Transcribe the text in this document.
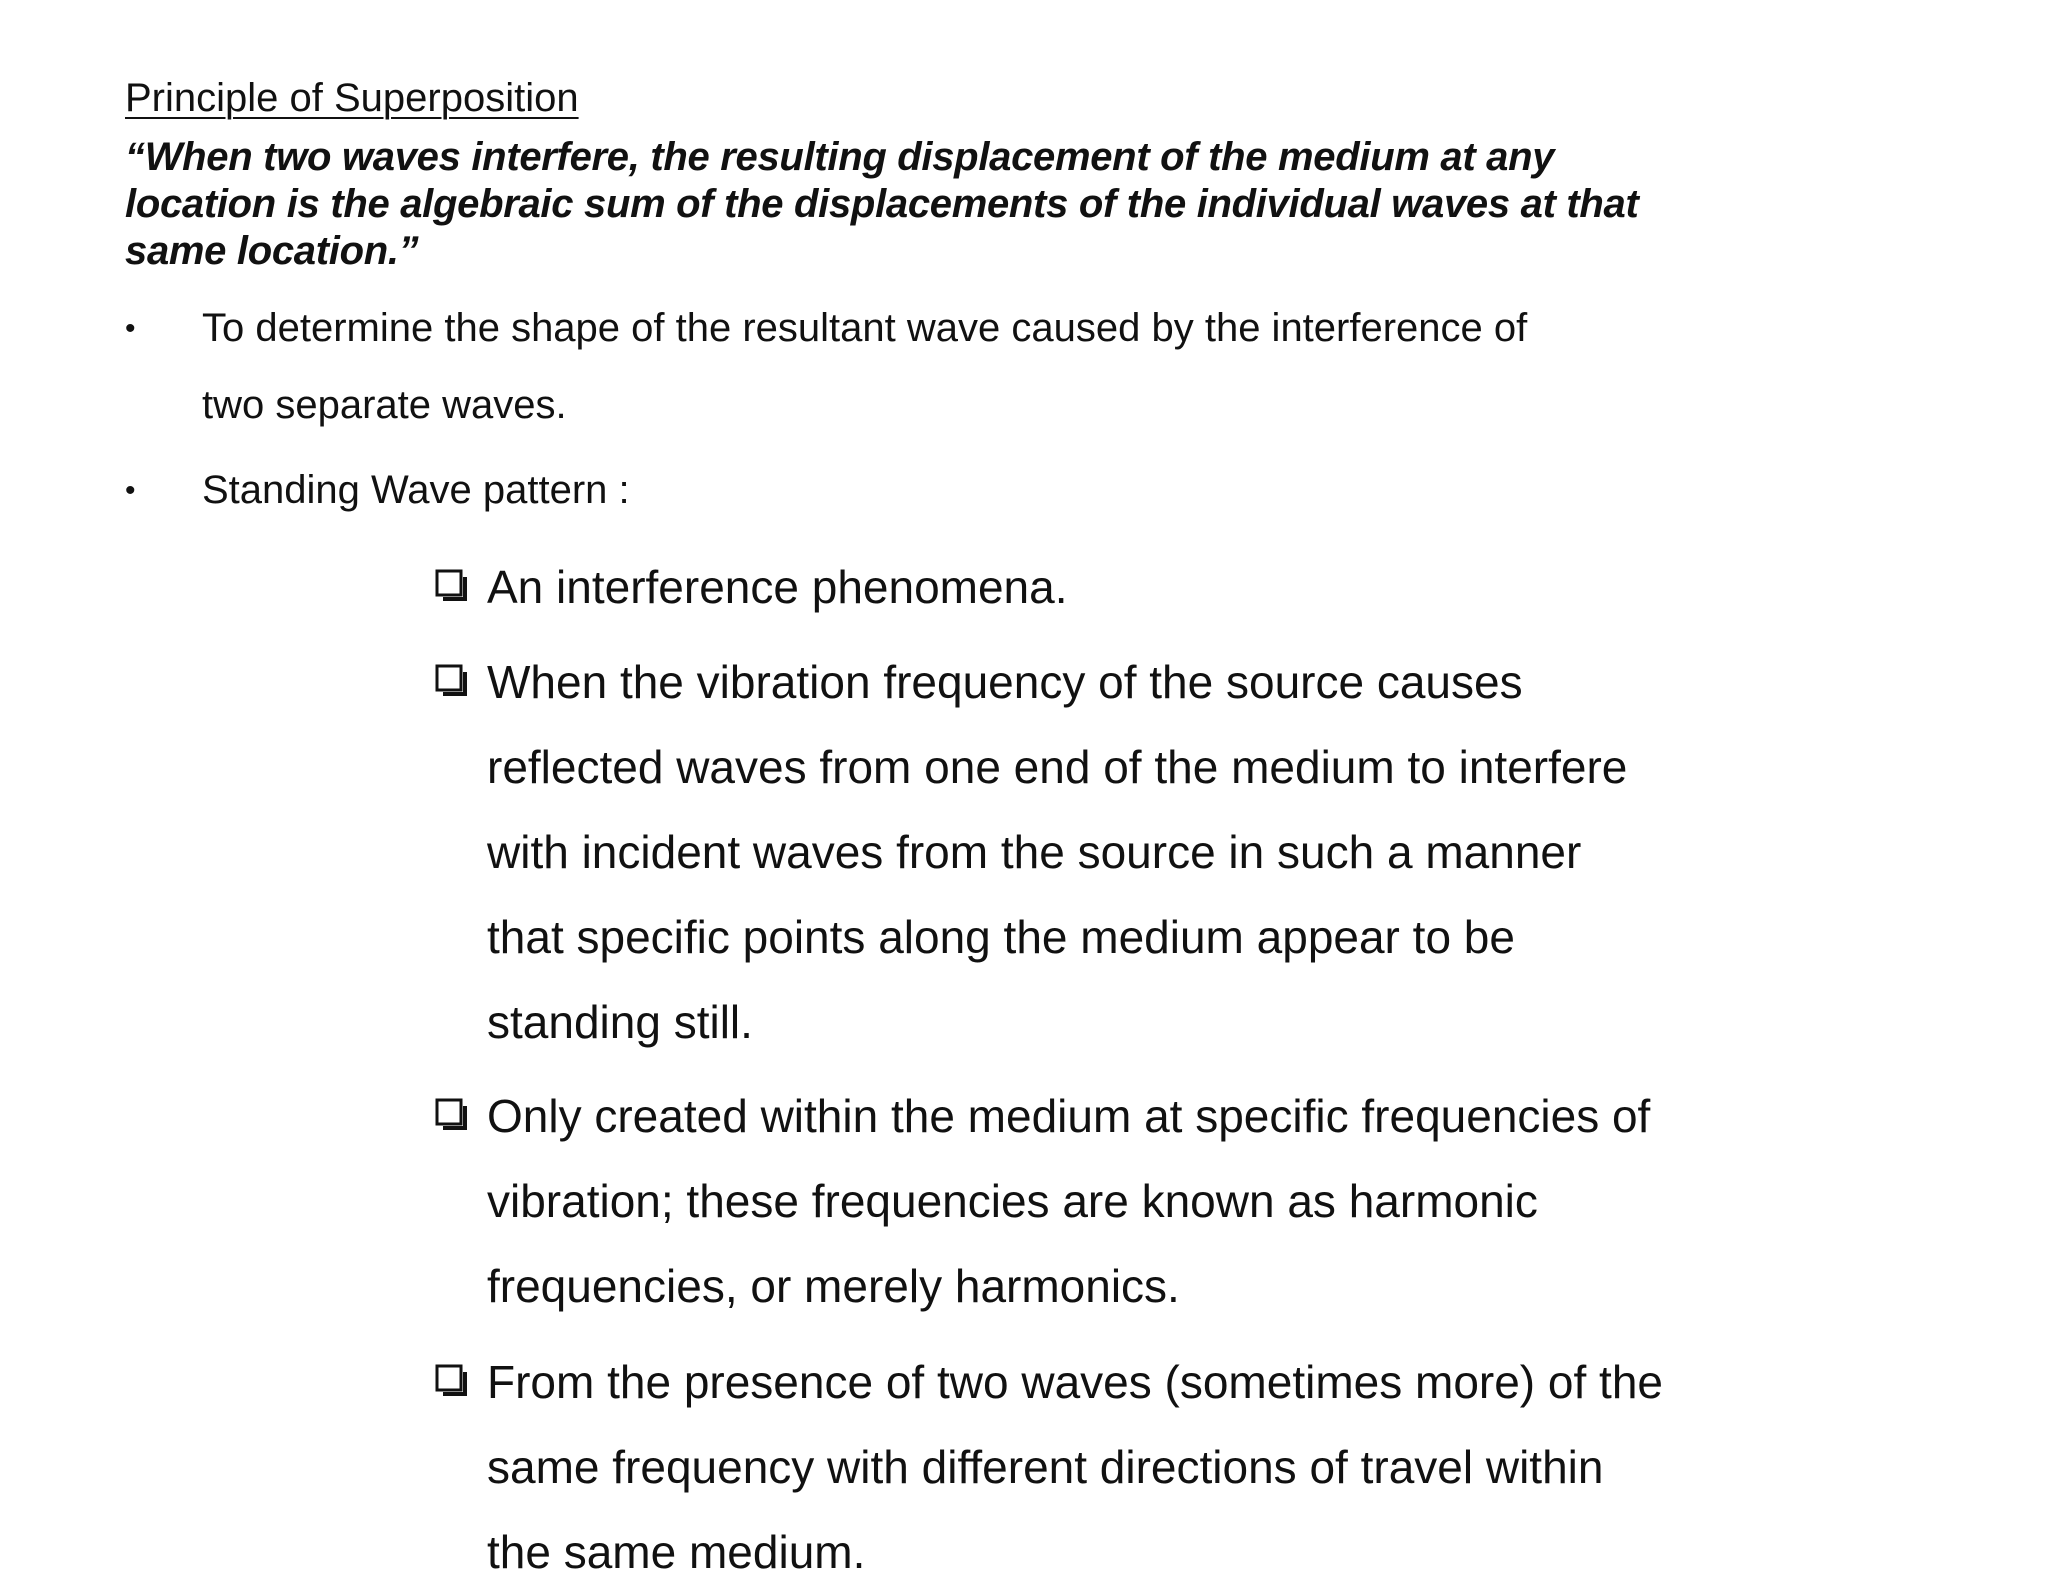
Principle of Superposition
“When two waves interfere, the resulting displacement of the medium at any
location is the algebraic sum of the displacements of the individual waves at that
same location.”
•	To determine the shape of the resultant wave caused by the interference of
two separate waves.
•	Standing Wave pattern :
An interference phenomena.
When the vibration frequency of the source causes
reflected waves from one end of the medium to interfere
with incident waves from the source in such a manner
that specific points along the medium appear to be
standing still.
Only created within the medium at specific frequencies of
vibration; these frequencies are known as harmonic
frequencies, or merely harmonics.
From the presence of two waves (sometimes more) of the
same frequency with different directions of travel within
the same medium.
